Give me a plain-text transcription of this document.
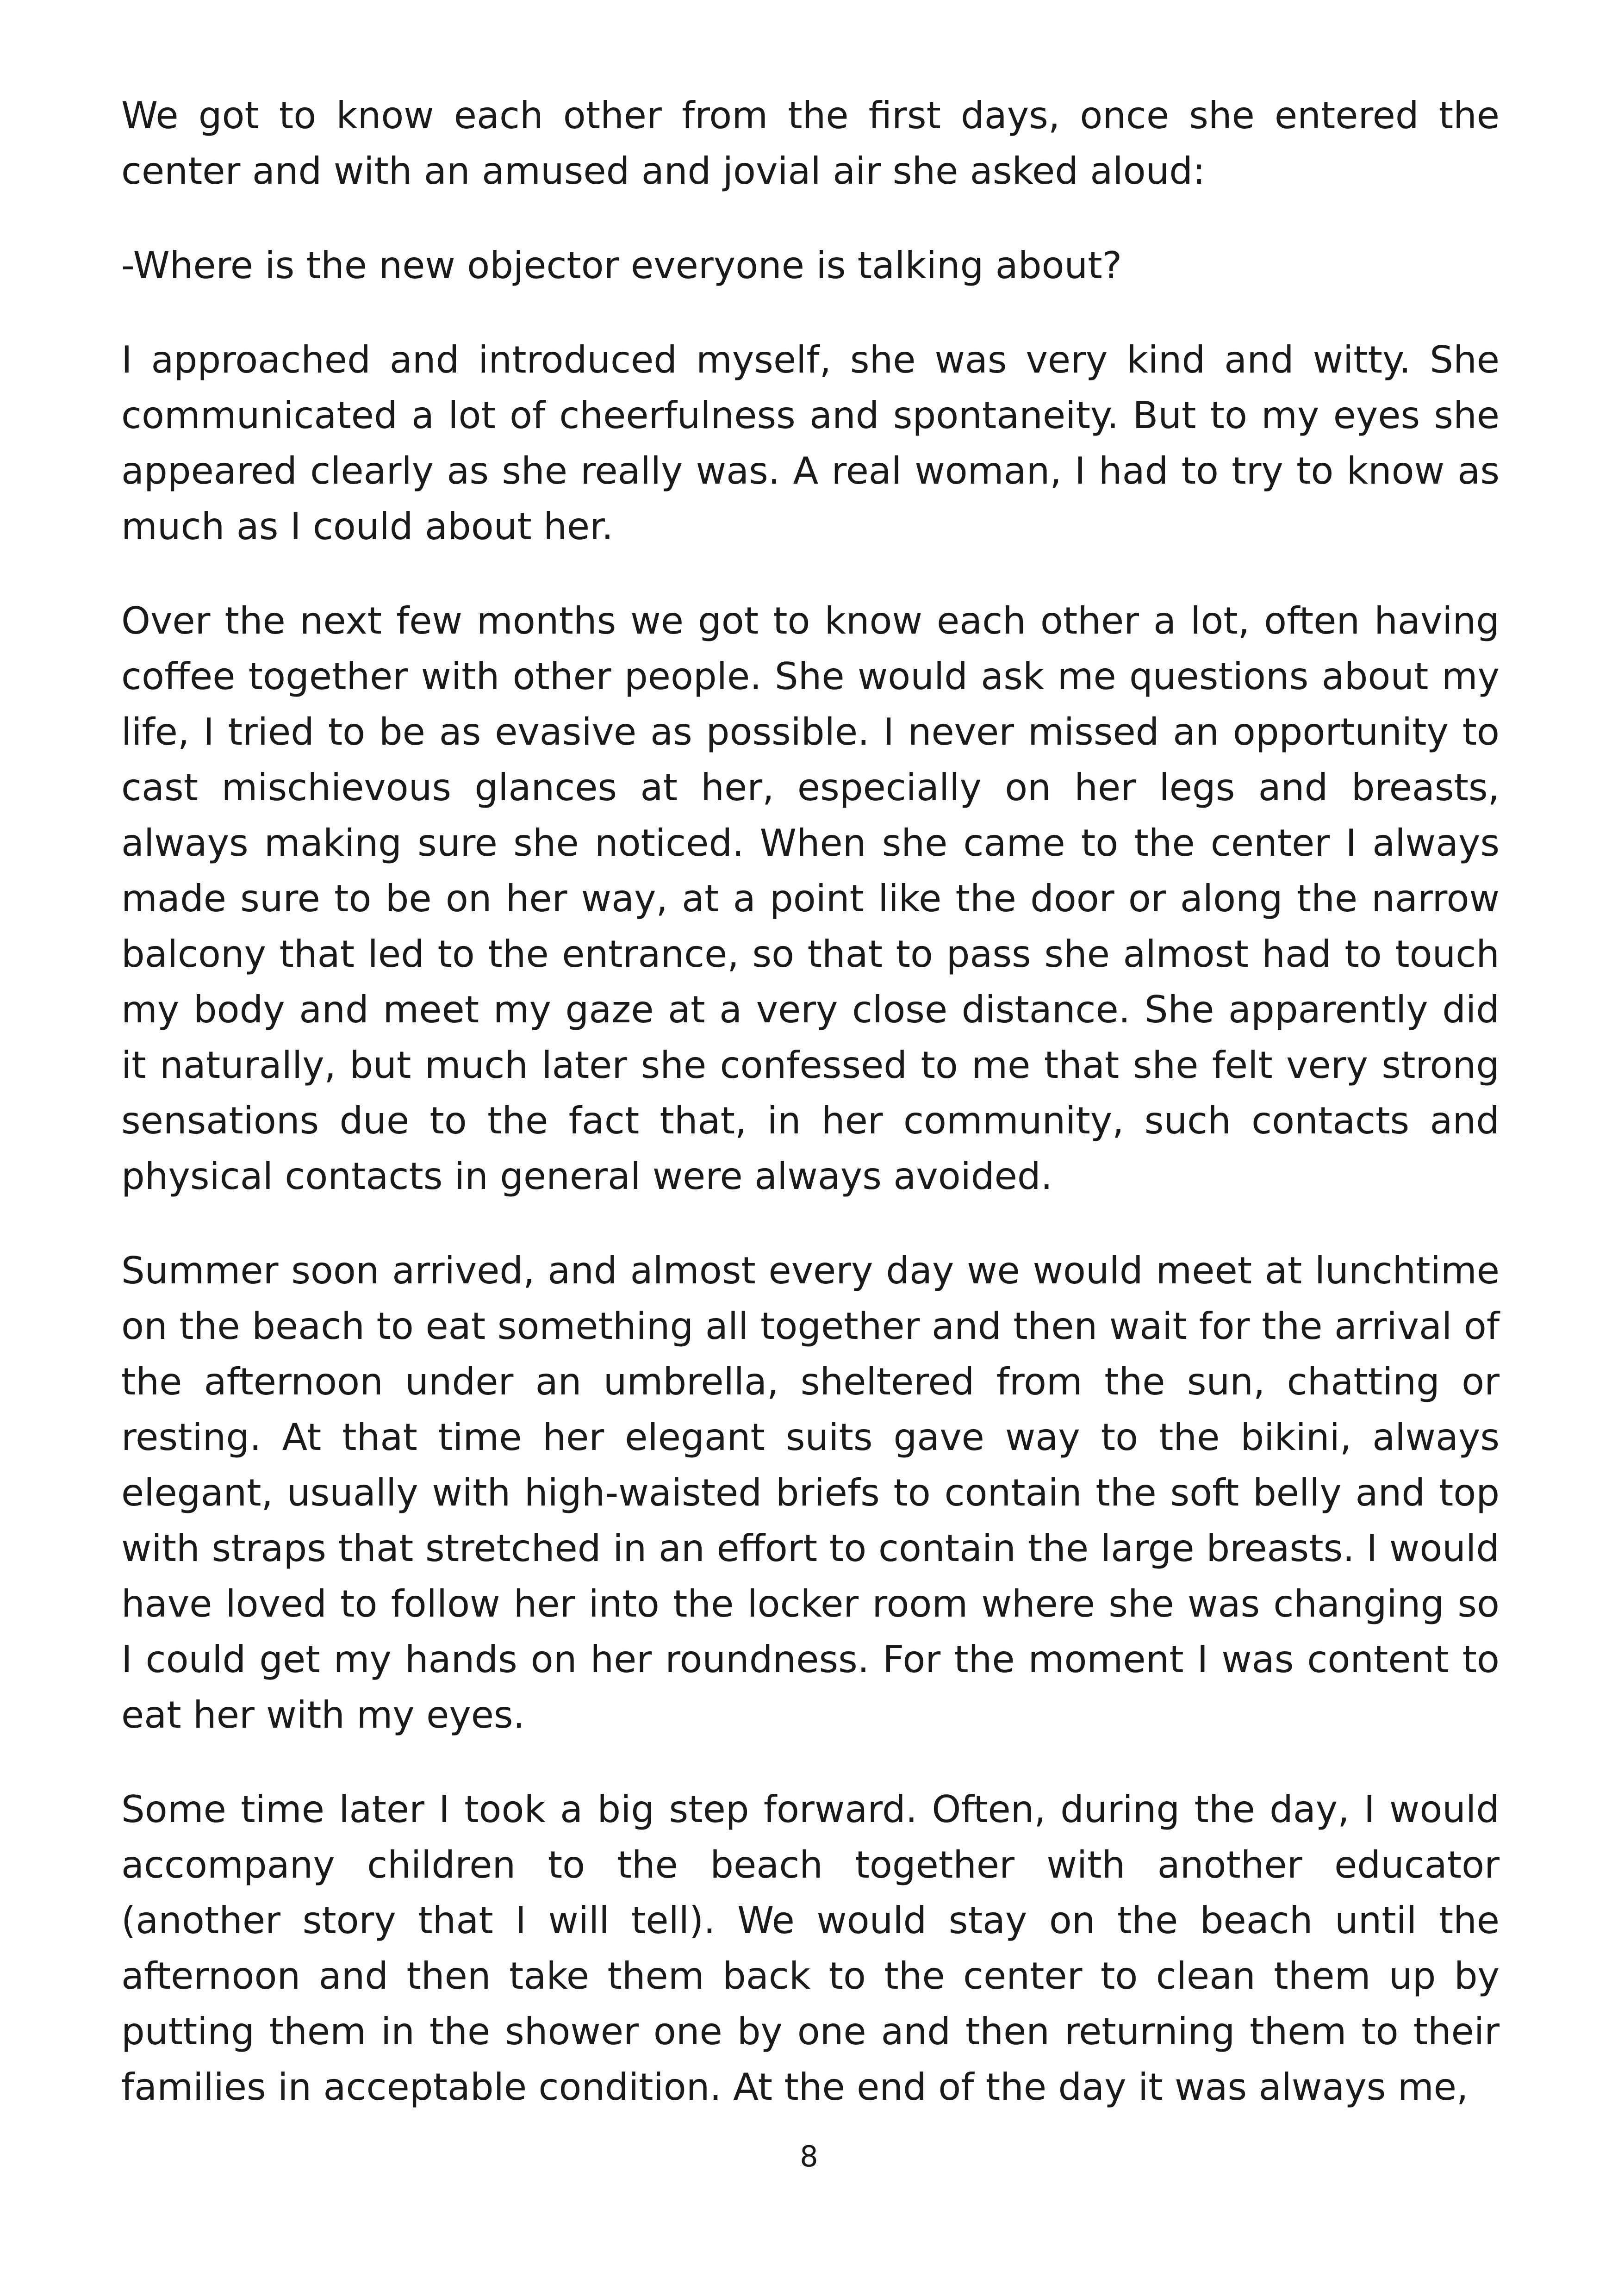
We got to know each other from the first days, once she entered the center and with an amused and jovial air she asked aloud:

-Where is the new objector everyone is talking about?

I approached and introduced myself, she was very kind and witty. She communicated a lot of cheerfulness and spontaneity. But to my eyes she appeared clearly as she really was. A real woman, I had to try to know as much as I could about her.

Over the next few months we got to know each other a lot, often having coffee together with other people. She would ask me questions about my life, I tried to be as evasive as possible. I never missed an opportunity to cast mischievous glances at her, especially on her legs and breasts, always making sure she noticed. When she came to the center I always made sure to be on her way, at a point like the door or along the narrow balcony that led to the entrance, so that to pass she almost had to touch my body and meet my gaze at a very close distance. She apparently did it naturally, but much later she confessed to me that she felt very strong sensations due to the fact that, in her community, such contacts and physical contacts in general were always avoided.

Summer soon arrived, and almost every day we would meet at lunchtime on the beach to eat something all together and then wait for the arrival of the afternoon under an umbrella, sheltered from the sun, chatting or resting. At that time her elegant suits gave way to the bikini, always elegant, usually with high-waisted briefs to contain the soft belly and top with straps that stretched in an effort to contain the large breasts. I would have loved to follow her into the locker room where she was changing so I could get my hands on her roundness. For the moment I was content to eat her with my eyes.

Some time later I took a big step forward. Often, during the day, I would accompany children to the beach together with another educator (another story that I will tell). We would stay on the beach until the afternoon and then take them back to the center to clean them up by putting them in the shower one by one and then returning them to their families in acceptable condition. At the end of the day it was always me,

8
